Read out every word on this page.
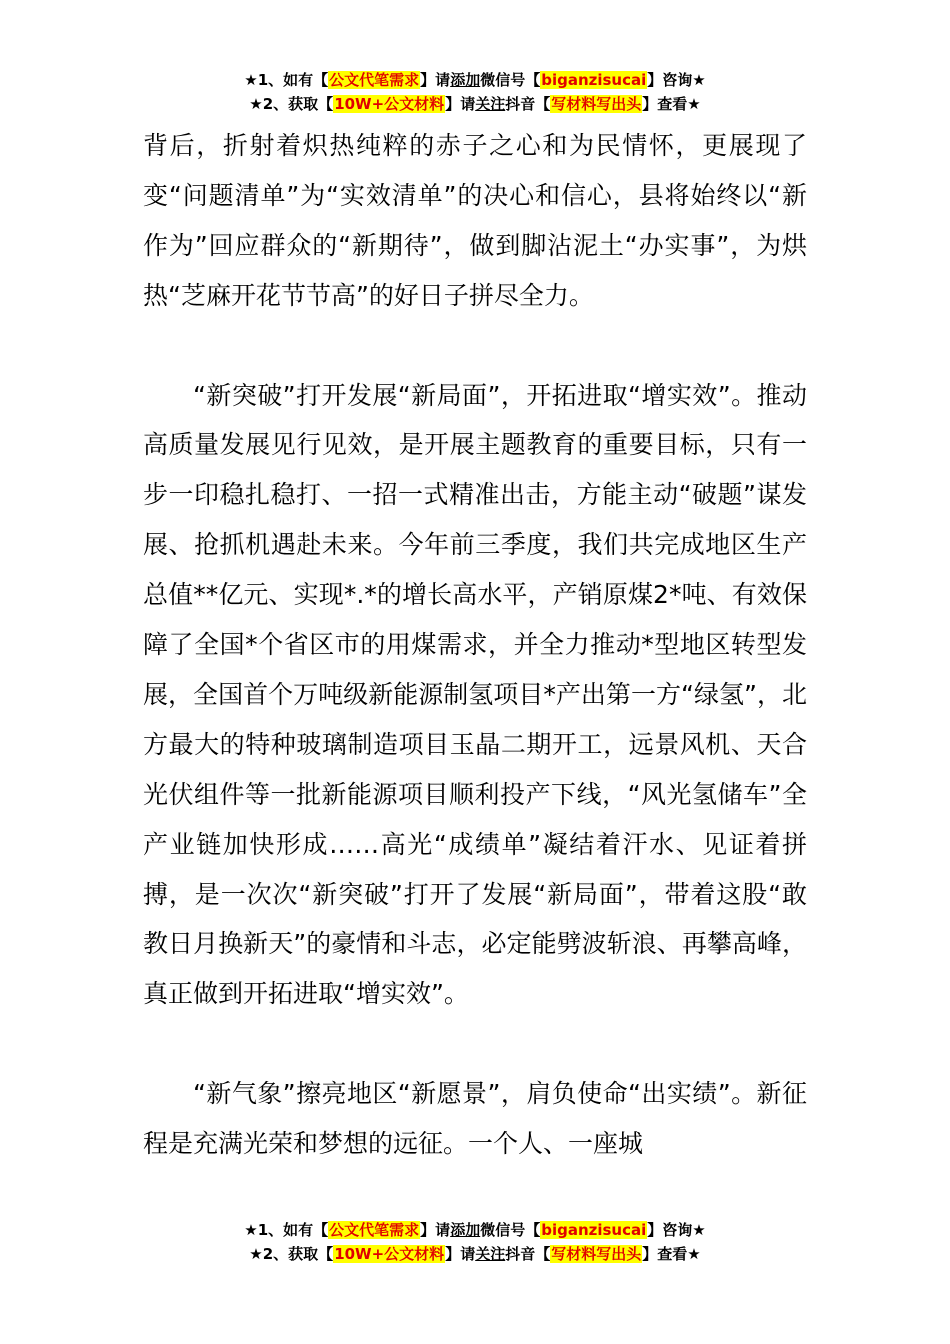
★1、如有【公文代笔需求】请添加微信号【biganzisucai】咨询★
★2、获取【10W+公文材料】请关注抖音【写材料写出头】查看★

背后，折射着炽热纯粹的赤子之心和为民情怀，更展现了变“问题清单”为“实效清单”的决心和信心，县将始终以“新作为”回应群众的“新期待”，做到脚沾泥土“办实事”，为烘热“芝麻开花节节高”的好日子拼尽全力。

“新突破”打开发展“新局面”，开拓进取“增实效”。推动高质量发展见行见效，是开展主题教育的重要目标，只有一步一印稳扎稳打、一招一式精准出击，方能主动“破题”谋发展、抢抓机遇赴未来。今年前三季度，我们共完成地区生产总值**亿元、实现*.*的增长高水平，产销原煤2*吨、有效保障了全国*个省区市的用煤需求，并全力推动*型地区转型发展，全国首个万吨级新能源制氢项目*产出第一方“绿氢”，北方最大的特种玻璃制造项目玉晶二期开工，远景风机、天合光伏组件等一批新能源项目顺利投产下线，“风光氢储车”全产业链加快形成……高光“成绩单”凝结着汗水、见证着拼搏，是一次次“新突破”打开了发展“新局面”，带着这股“敢教日月换新天”的豪情和斗志，必定能劈波斩浪、再攀高峰，真正做到开拓进取“增实效”。

“新气象”擦亮地区“新愿景”，肩负使命“出实绩”。新征程是充满光荣和梦想的远征。一个人、一座城

★1、如有【公文代笔需求】请添加微信号【biganzisucai】咨询★
★2、获取【10W+公文材料】请关注抖音【写材料写出头】查看★
